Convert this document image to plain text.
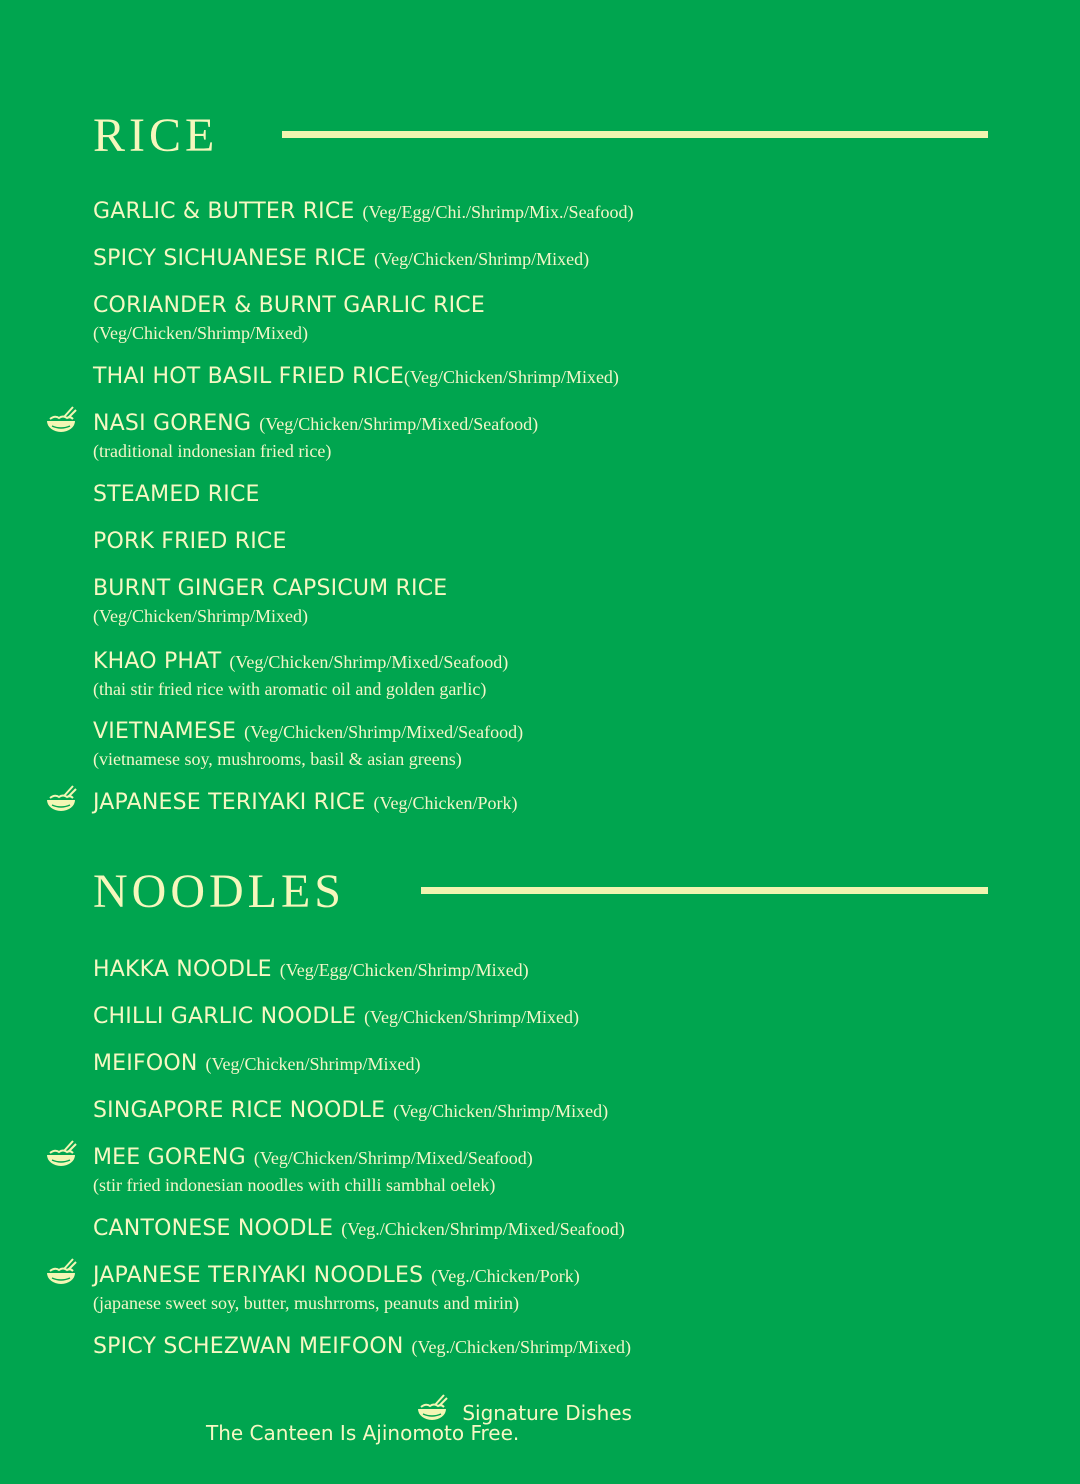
RICE
GARLIC & BUTTER RICE (Veg/Egg/Chi./Shrimp/Mix./Seafood)
SPICY SICHUANESE RICE (Veg/Chicken/Shrimp/Mixed)
CORIANDER & BURNT GARLIC RICE
(Veg/Chicken/Shrimp/Mixed)
THAI HOT BASIL FRIED RICE(Veg/Chicken/Shrimp/Mixed)
NASI GORENG (Veg/Chicken/Shrimp/Mixed/Seafood)
(traditional indonesian fried rice)
STEAMED RICE
PORK FRIED RICE
BURNT GINGER CAPSICUM RICE
(Veg/Chicken/Shrimp/Mixed)
KHAO PHAT (Veg/Chicken/Shrimp/Mixed/Seafood)
(thai stir fried rice with aromatic oil and golden garlic)
VIETNAMESE (Veg/Chicken/Shrimp/Mixed/Seafood)
(vietnamese soy, mushrooms, basil & asian greens)
JAPANESE TERIYAKI RICE (Veg/Chicken/Pork)
NOODLES
HAKKA NOODLE (Veg/Egg/Chicken/Shrimp/Mixed)
CHILLI GARLIC NOODLE (Veg/Chicken/Shrimp/Mixed)
MEIFOON (Veg/Chicken/Shrimp/Mixed)
SINGAPORE RICE NOODLE (Veg/Chicken/Shrimp/Mixed)
MEE GORENG (Veg/Chicken/Shrimp/Mixed/Seafood)
(stir fried indonesian noodles with chilli sambhal oelek)
CANTONESE NOODLE (Veg./Chicken/Shrimp/Mixed/Seafood)
JAPANESE TERIYAKI NOODLES (Veg./Chicken/Pork)
(japanese sweet soy, butter, mushrroms, peanuts and mirin)
SPICY SCHEZWAN MEIFOON (Veg./Chicken/Shrimp/Mixed)
Signature Dishes
The Canteen Is Ajinomoto Free.
